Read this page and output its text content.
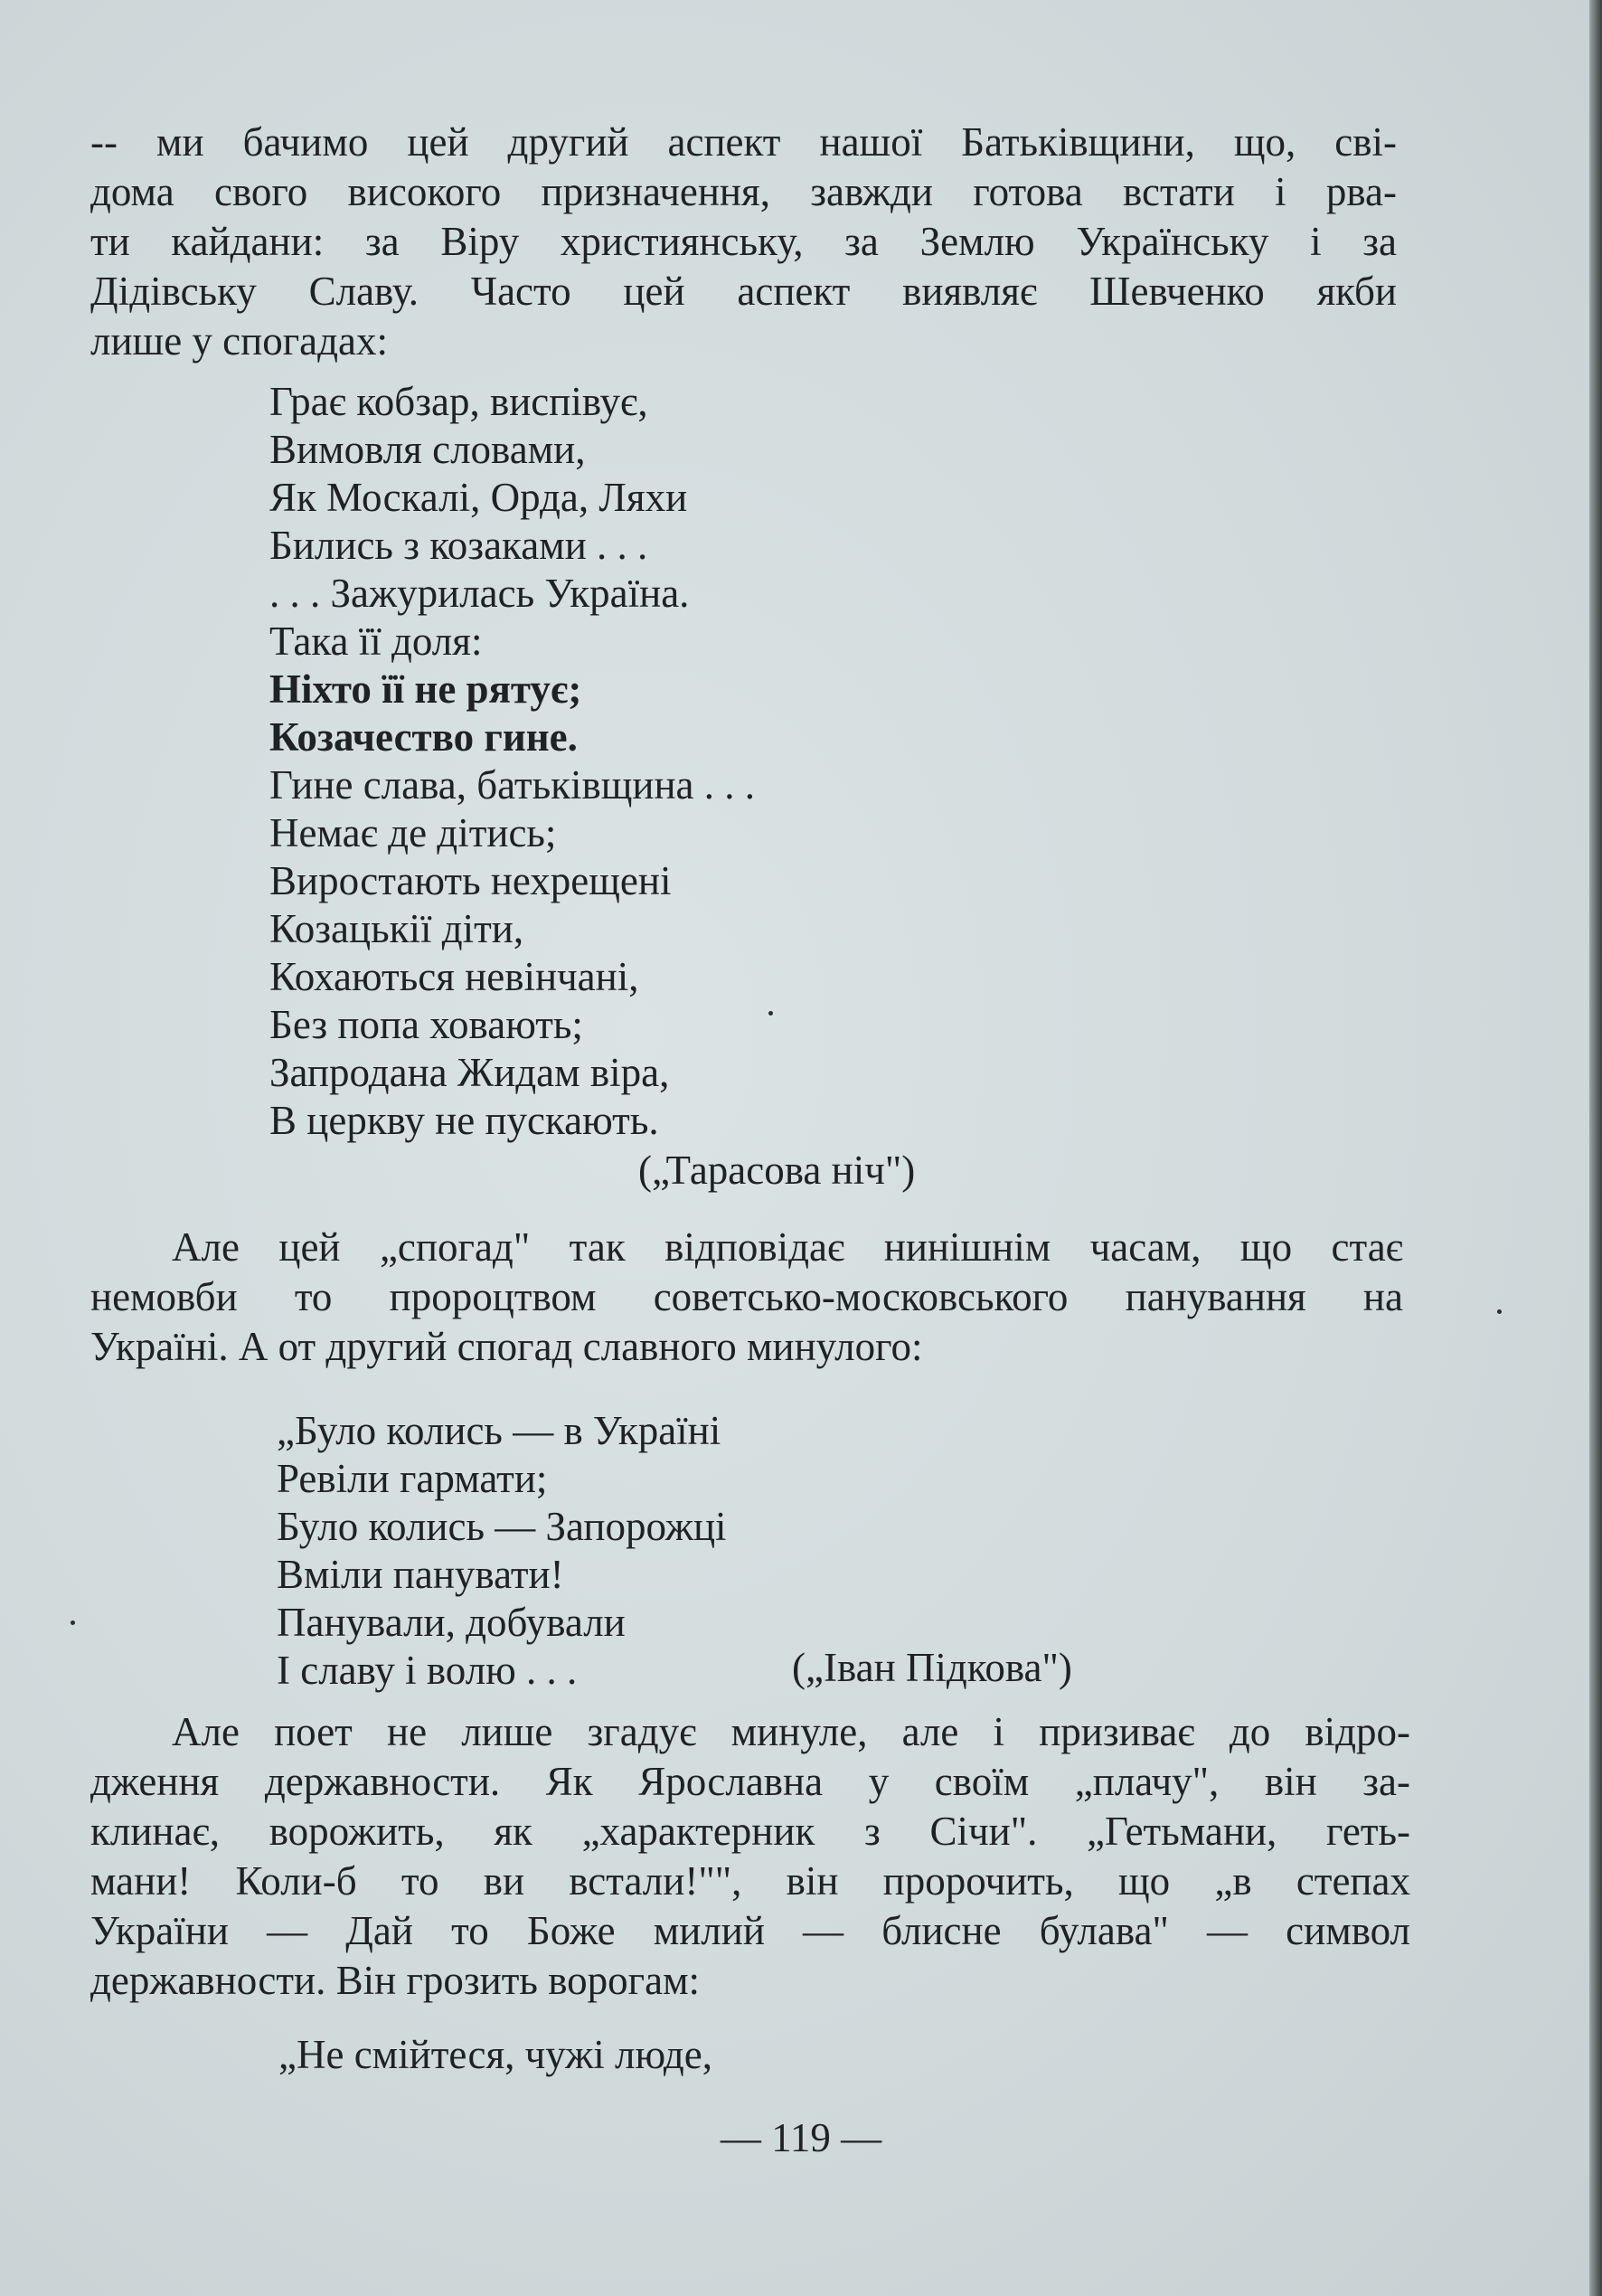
-- ми бачимо цей другий аспект нашої Батьківщини, що, сві-
дома свого високого призначення, завжди готова встати і рва-
ти кайдани: за Віру християнську, за Землю Українську і за
Дідівську Славу. Часто цей аспект виявляє Шевченко якби
лише у спогадах:
Грає кобзар, виспівує,
Вимовля словами,
Як Москалі, Орда, Ляхи
Бились з козаками . . .
. . . Зажурилась Україна.
Така її доля:
Ніхто її не рятує;
Козачество гине.
Гине слава, батьківщина . . .
Немає де дітись;
Виростають нехрещені
Козацькії діти,
Кохаються невінчані,
Без попа ховають;
Запродана Жидам віра,
В церкву не пускають.
(„Тарасова ніч")
Але цей „спогад" так відповідає нинішнім часам, що стає
немовби то пророцтвом советсько-московського панування на
Україні. А от другий спогад славного минулого:
„Було колись — в Україні
Ревіли гармати;
Було колись — Запорожці
Вміли панувати!
Панували, добували
І славу і волю . . .	(„Іван Підкова")
Але поет не лише згадує минуле, але і призиває до відро-
дження державности. Як Ярославна у своїм „плачу", він за-
клинає, ворожить, як „характерник з Січи". „Гетьмани, геть-
мани! Коли-б то ви встали!"", він пророчить, що „в степах
України — Дай то Боже милий — блисне булава" — символ
державности. Він грозить ворогам:
„Не смійтеся, чужі люде,
— 119 —
